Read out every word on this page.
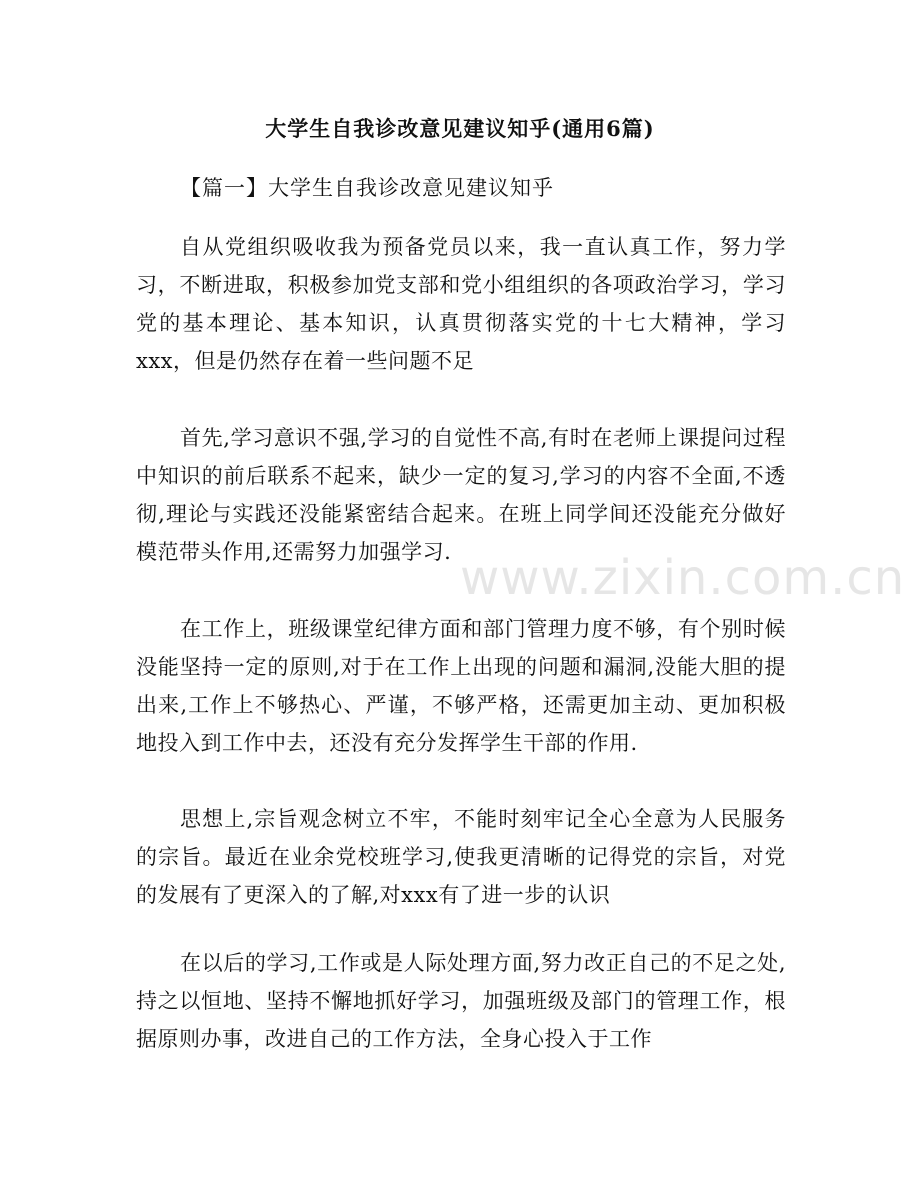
大学生自我诊改意见建议知乎(通用6篇)

【篇一】大学生自我诊改意见建议知乎

自从党组织吸收我为预备党员以来，我一直认真工作，努力学习，不断进取，积极参加党支部和党小组组织的各项政治学习，学习党的基本理论、基本知识，认真贯彻落实党的十七大精神，学习xxx，但是仍然存在着一些问题不足

首先,学习意识不强,学习的自觉性不高,有时在老师上课提问过程中知识的前后联系不起来，缺少一定的复习,学习的内容不全面,不透彻,理论与实践还没能紧密结合起来。在班上同学间还没能充分做好模范带头作用,还需努力加强学习.

在工作上，班级课堂纪律方面和部门管理力度不够，有个别时候没能坚持一定的原则,对于在工作上出现的问题和漏洞,没能大胆的提出来,工作上不够热心、严谨，不够严格，还需更加主动、更加积极地投入到工作中去，还没有充分发挥学生干部的作用.

思想上,宗旨观念树立不牢，不能时刻牢记全心全意为人民服务的宗旨。最近在业余党校班学习,使我更清晰的记得党的宗旨，对党的发展有了更深入的了解,对xxx有了进一步的认识

在以后的学习,工作或是人际处理方面,努力改正自己的不足之处,持之以恒地、坚持不懈地抓好学习，加强班级及部门的管理工作，根据原则办事，改进自己的工作方法，全身心投入于工作

www.zixin.com.cn
